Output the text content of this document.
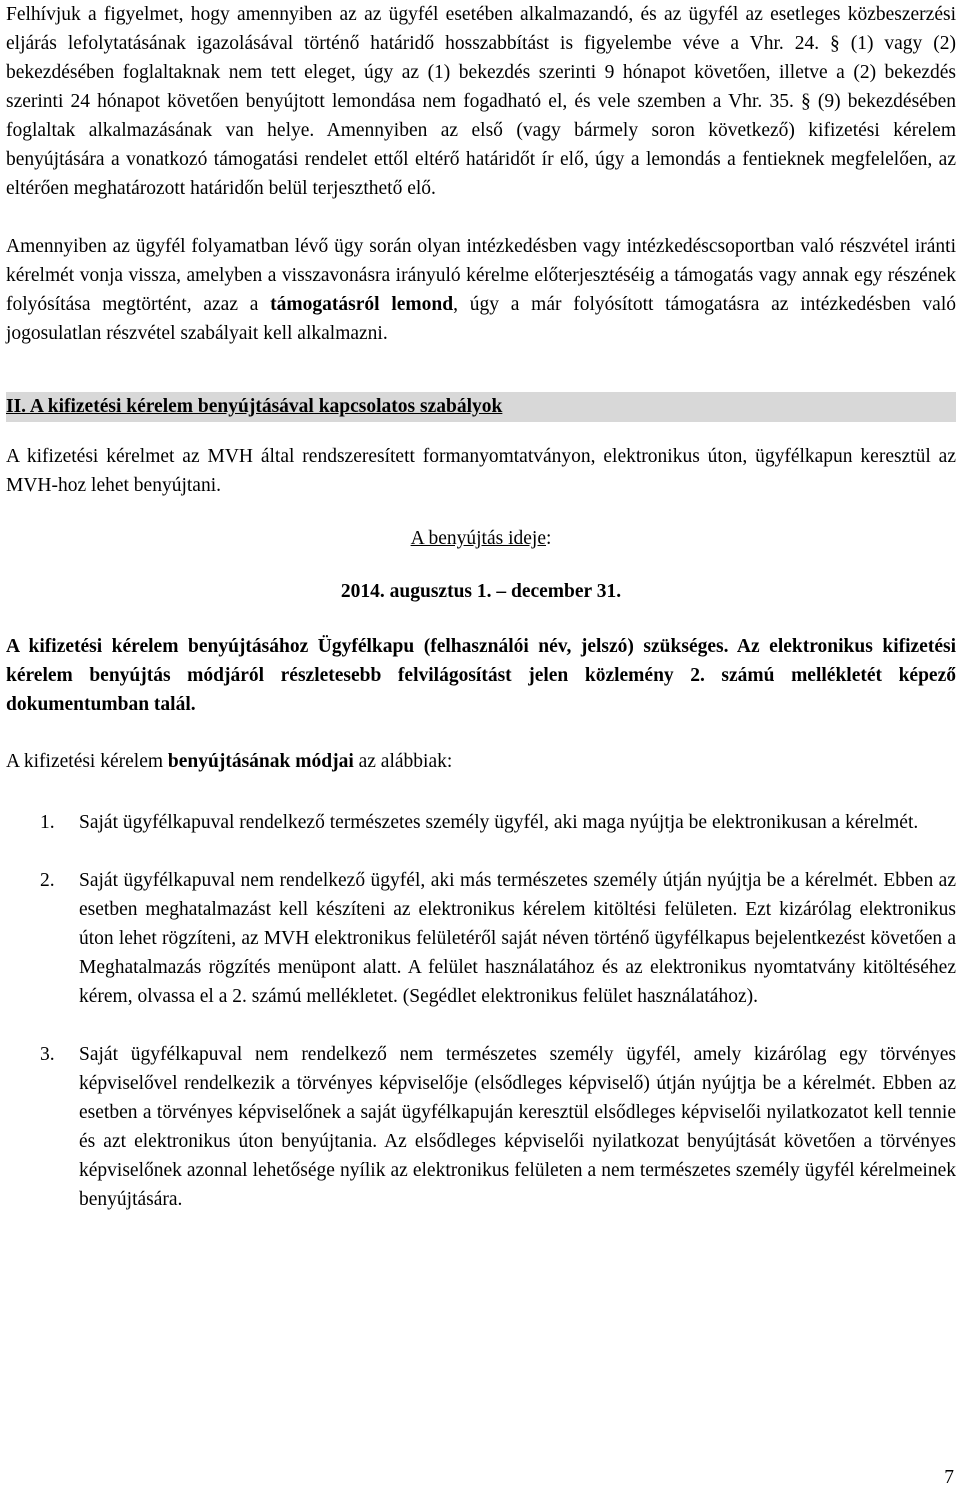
Felhívjuk a figyelmet, hogy amennyiben az az ügyfél esetében alkalmazandó, és az ügyfél az esetleges közbeszerzési eljárás lefolytatásának igazolásával történő határidő hosszabbítást is figyelembe véve a Vhr. 24. § (1) vagy (2) bekezdésében foglaltaknak nem tett eleget, úgy az (1) bekezdés szerinti 9 hónapot követően, illetve a (2) bekezdés szerinti 24 hónapot követően benyújtott lemondása nem fogadható el, és vele szemben a Vhr. 35. § (9) bekezdésében foglaltak alkalmazásának van helye. Amennyiben az első (vagy bármely soron következő) kifizetési kérelem benyújtására a vonatkozó támogatási rendelet ettől eltérő határidőt ír elő, úgy a lemondás a fentieknek megfelelően, az eltérően meghatározott határidőn belül terjeszthető elő.

Amennyiben az ügyfél folyamatban lévő ügy során olyan intézkedésben vagy intézkedéscsoportban való részvétel iránti kérelmét vonja vissza, amelyben a visszavonásra irányuló kérelme előterjesztéséig a támogatás vagy annak egy részének folyósítása megtörtént, azaz a támogatásról lemond, úgy a már folyósított támogatásra az intézkedésben való jogosulatlan részvétel szabályait kell alkalmazni.

II. A kifizetési kérelem benyújtásával kapcsolatos szabályok

A kifizetési kérelmet az MVH által rendszeresített formanyomtatványon, elektronikus úton, ügyfélkapun keresztül az MVH-hoz lehet benyújtani.

A benyújtás ideje:

2014. augusztus 1. – december 31.

A kifizetési kérelem benyújtásához Ügyfélkapu (felhasználói név, jelszó) szükséges. Az elektronikus kifizetési kérelem benyújtás módjáról részletesebb felvilágosítást jelen közlemény 2. számú mellékletét képező dokumentumban talál.

A kifizetési kérelem benyújtásának módjai az alábbiak:

1. Saját ügyfélkapuval rendelkező természetes személy ügyfél, aki maga nyújtja be elektronikusan a kérelmét.
2. Saját ügyfélkapuval nem rendelkező ügyfél, aki más természetes személy útján nyújtja be a kérelmét. Ebben az esetben meghatalmazást kell készíteni az elektronikus kérelem kitöltési felületen. Ezt kizárólag elektronikus úton lehet rögzíteni, az MVH elektronikus felületéről saját néven történő ügyfélkapus bejelentkezést követően a Meghatalmazás rögzítés menüpont alatt. A felület használatához és az elektronikus nyomtatvány kitöltéséhez kérem, olvassa el a 2. számú mellékletet. (Segédlet elektronikus felület használatához).
3. Saját ügyfélkapuval nem rendelkező nem természetes személy ügyfél, amely kizárólag egy törvényes képviselővel rendelkezik a törvényes képviselője (elsődleges képviselő) útján nyújtja be a kérelmét. Ebben az esetben a törvényes képviselőnek a saját ügyfélkapuján keresztül elsődleges képviselői nyilatkozatot kell tennie és azt elektronikus úton benyújtania. Az elsődleges képviselői nyilatkozat benyújtását követően a törvényes képviselőnek azonnal lehetősége nyílik az elektronikus felületen a nem természetes személy ügyfél kérelmeinek benyújtására.
7
